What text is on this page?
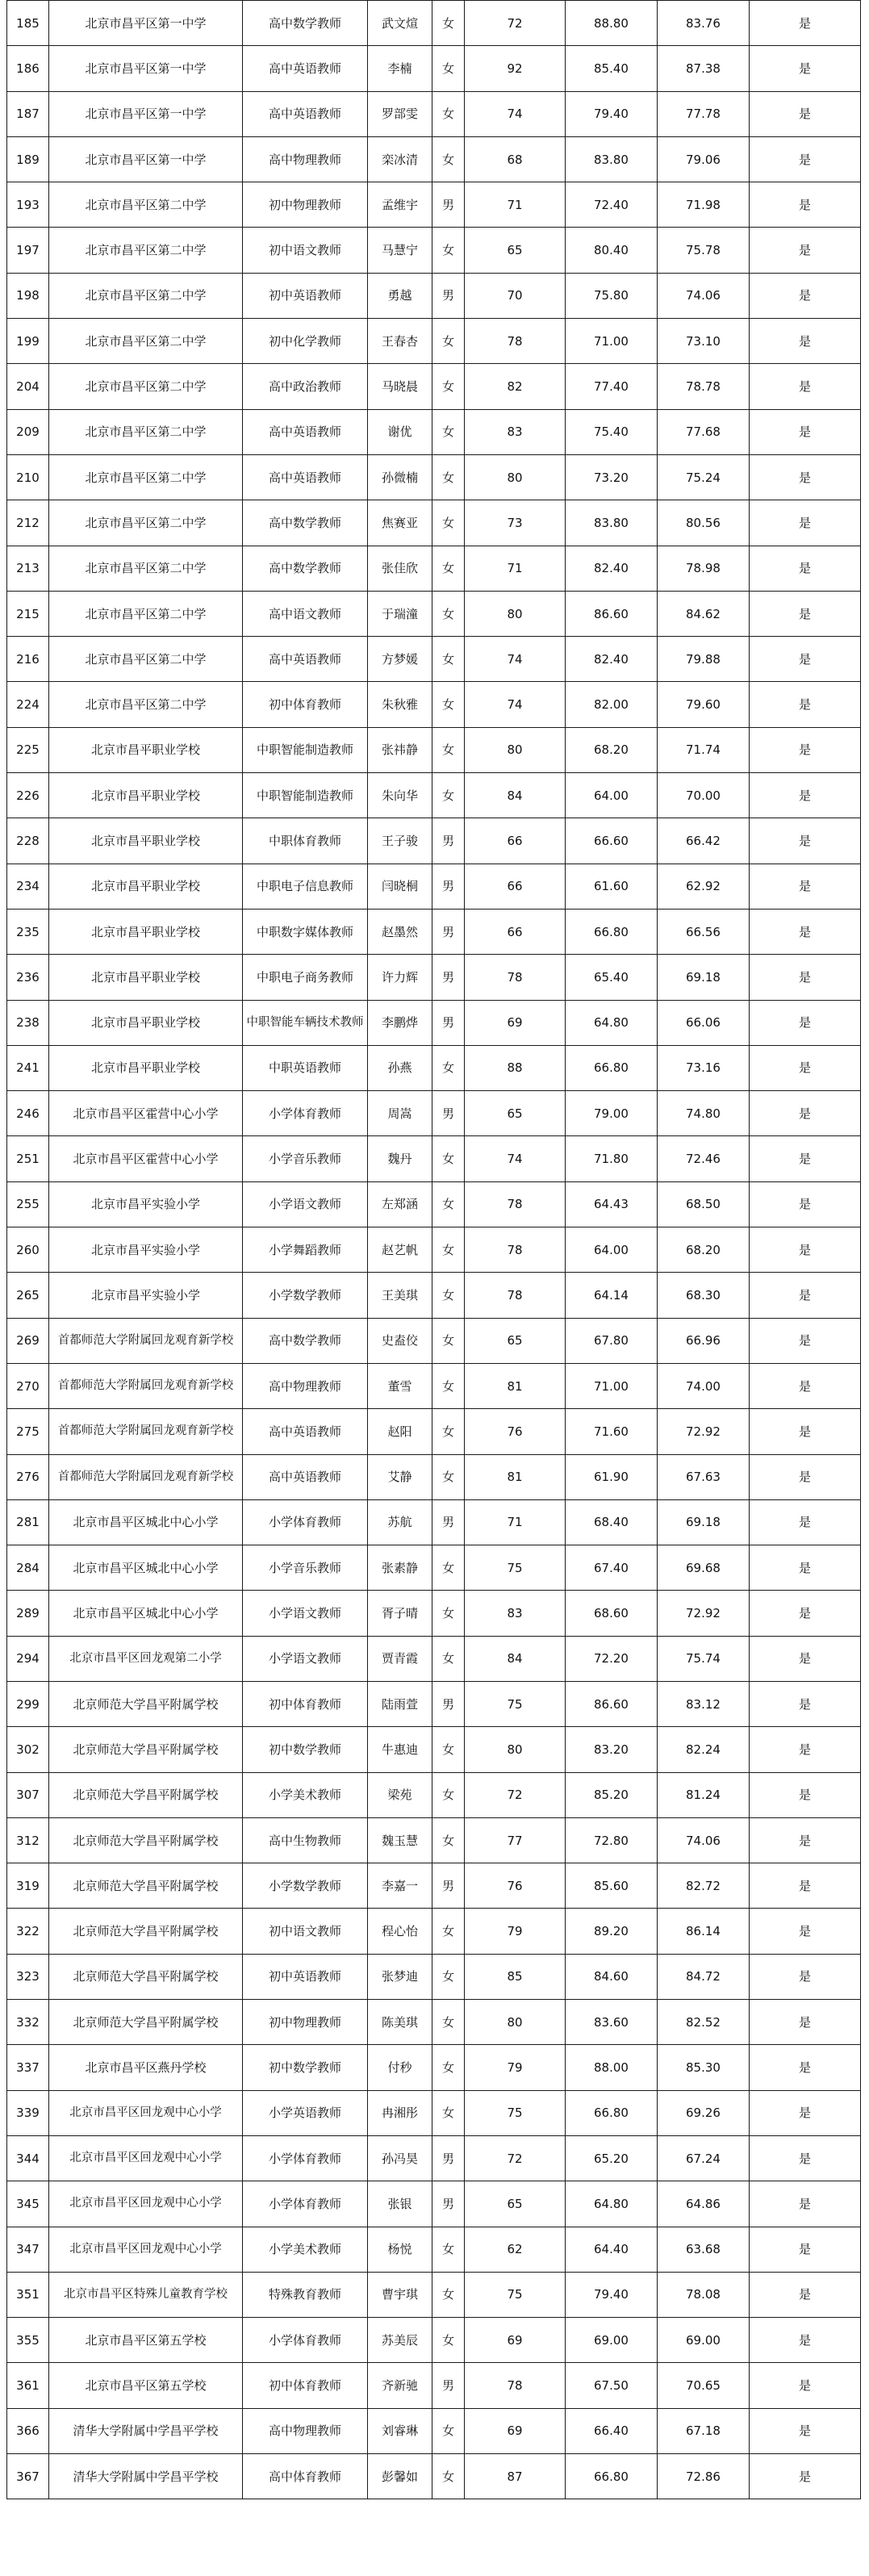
185	北京市昌平区第一中学	高中数学教师	武文煊	女	72	88.80	83.76	是
186	北京市昌平区第一中学	高中英语教师	李楠	女	92	85.40	87.38	是
187	北京市昌平区第一中学	高中英语教师	罗部雯	女	74	79.40	77.78	是
189	北京市昌平区第一中学	高中物理教师	栾冰清	女	68	83.80	79.06	是
193	北京市昌平区第二中学	初中物理教师	孟维宇	男	71	72.40	71.98	是
197	北京市昌平区第二中学	初中语文教师	马慧宁	女	65	80.40	75.78	是
198	北京市昌平区第二中学	初中英语教师	勇越	男	70	75.80	74.06	是
199	北京市昌平区第二中学	初中化学教师	王春杏	女	78	71.00	73.10	是
204	北京市昌平区第二中学	高中政治教师	马晓晨	女	82	77.40	78.78	是
209	北京市昌平区第二中学	高中英语教师	谢优	女	83	75.40	77.68	是
210	北京市昌平区第二中学	高中英语教师	孙微楠	女	80	73.20	75.24	是
212	北京市昌平区第二中学	高中数学教师	焦赛亚	女	73	83.80	80.56	是
213	北京市昌平区第二中学	高中数学教师	张佳欣	女	71	82.40	78.98	是
215	北京市昌平区第二中学	高中语文教师	于瑞潼	女	80	86.60	84.62	是
216	北京市昌平区第二中学	高中英语教师	方梦媛	女	74	82.40	79.88	是
224	北京市昌平区第二中学	初中体育教师	朱秋雅	女	74	82.00	79.60	是
225	北京市昌平职业学校	中职智能制造教师	张祎静	女	80	68.20	71.74	是
226	北京市昌平职业学校	中职智能制造教师	朱向华	女	84	64.00	70.00	是
228	北京市昌平职业学校	中职体育教师	王子骏	男	66	66.60	66.42	是
234	北京市昌平职业学校	中职电子信息教师	闫晓桐	男	66	61.60	62.92	是
235	北京市昌平职业学校	中职数字媒体教师	赵墨然	男	66	66.80	66.56	是
236	北京市昌平职业学校	中职电子商务教师	许力辉	男	78	65.40	69.18	是
238	北京市昌平职业学校	中职智能车辆技术教师	李鹏烨	男	69	64.80	66.06	是
241	北京市昌平职业学校	中职英语教师	孙燕	女	88	66.80	73.16	是
246	北京市昌平区霍营中心小学	小学体育教师	周嵩	男	65	79.00	74.80	是
251	北京市昌平区霍营中心小学	小学音乐教师	魏丹	女	74	71.80	72.46	是
255	北京市昌平实验小学	小学语文教师	左郑涵	女	78	64.43	68.50	是
260	北京市昌平实验小学	小学舞蹈教师	赵艺帆	女	78	64.00	68.20	是
265	北京市昌平实验小学	小学数学教师	王美琪	女	78	64.14	68.30	是
269	首都师范大学附属回龙观育新学校	高中数学教师	史盍佼	女	65	67.80	66.96	是
270	首都师范大学附属回龙观育新学校	高中物理教师	董雪	女	81	71.00	74.00	是
275	首都师范大学附属回龙观育新学校	高中英语教师	赵阳	女	76	71.60	72.92	是
276	首都师范大学附属回龙观育新学校	高中英语教师	艾静	女	81	61.90	67.63	是
281	北京市昌平区城北中心小学	小学体育教师	苏航	男	71	68.40	69.18	是
284	北京市昌平区城北中心小学	小学音乐教师	张素静	女	75	67.40	69.68	是
289	北京市昌平区城北中心小学	小学语文教师	胥子晴	女	83	68.60	72.92	是
294	北京市昌平区回龙观第二小学	小学语文教师	贾青霞	女	84	72.20	75.74	是
299	北京师范大学昌平附属学校	初中体育教师	陆雨萱	男	75	86.60	83.12	是
302	北京师范大学昌平附属学校	初中数学教师	牛惠迪	女	80	83.20	82.24	是
307	北京师范大学昌平附属学校	小学美术教师	梁苑	女	72	85.20	81.24	是
312	北京师范大学昌平附属学校	高中生物教师	魏玉慧	女	77	72.80	74.06	是
319	北京师范大学昌平附属学校	小学数学教师	李嘉一	男	76	85.60	82.72	是
322	北京师范大学昌平附属学校	初中语文教师	程心怡	女	79	89.20	86.14	是
323	北京师范大学昌平附属学校	初中英语教师	张梦迪	女	85	84.60	84.72	是
332	北京师范大学昌平附属学校	初中物理教师	陈美琪	女	80	83.60	82.52	是
337	北京市昌平区燕丹学校	初中数学教师	付秒	女	79	88.00	85.30	是
339	北京市昌平区回龙观中心小学	小学英语教师	冉湘彤	女	75	66.80	69.26	是
344	北京市昌平区回龙观中心小学	小学体育教师	孙冯昊	男	72	65.20	67.24	是
345	北京市昌平区回龙观中心小学	小学体育教师	张银	男	65	64.80	64.86	是
347	北京市昌平区回龙观中心小学	小学美术教师	杨悦	女	62	64.40	63.68	是
351	北京市昌平区特殊儿童教育学校	特殊教育教师	曹宇琪	女	75	79.40	78.08	是
355	北京市昌平区第五学校	小学体育教师	苏美辰	女	69	69.00	69.00	是
361	北京市昌平区第五学校	初中体育教师	齐新驰	男	78	67.50	70.65	是
366	清华大学附属中学昌平学校	高中物理教师	刘睿琳	女	69	66.40	67.18	是
367	清华大学附属中学昌平学校	高中体育教师	彭馨如	女	87	66.80	72.86	是
